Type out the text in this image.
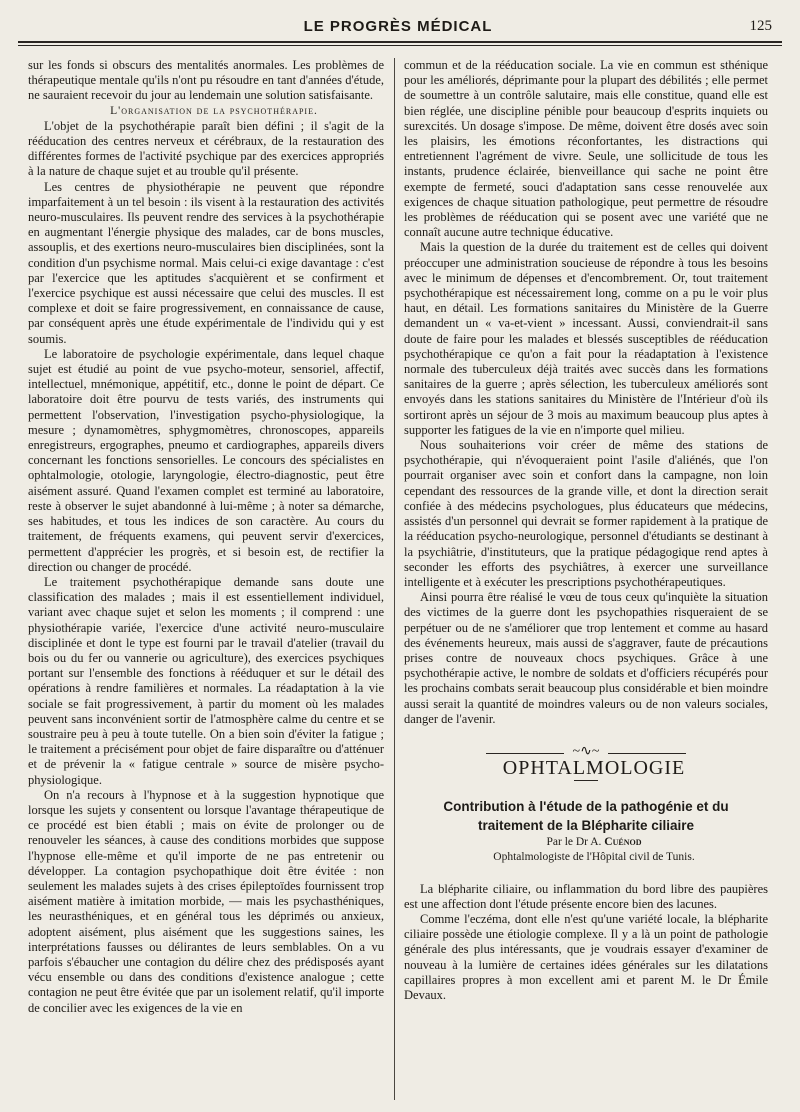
LE PROGRÈS MÉDICAL	125

sur les fonds si obscurs des mentalités anormales. Les problèmes de thérapeutique mentale qu'ils n'ont pu résoudre en tant d'années d'étude, ne sauraient recevoir du jour au lendemain une solution satisfaisante.

L'organisation de la psychothérapie.

L'objet de la psychothérapie paraît bien défini ; il s'agit de la rééducation des centres nerveux et cérébraux, de la restauration des différentes formes de l'activité psychique par des exercices appropriés à la nature de chaque sujet et au trouble qu'il présente.

Les centres de physiothérapie ne peuvent que répondre imparfaitement à un tel besoin : ils visent à la restauration des activités neuro-musculaires. Ils peuvent rendre des services à la psychothérapie en augmentant l'énergie physique des malades, car de bons muscles, assouplis, et des exertions neuro-musculaires bien disciplinées, sont la condition d'un psychisme normal. Mais celui-ci exige davantage : c'est par l'exercice que les aptitudes s'acquièrent et se confirment et l'exercice psychique est aussi nécessaire que celui des muscles. Il est complexe et doit se faire progressivement, en connaissance de cause, par conséquent après une étude expérimentale de l'individu qui y est soumis.

Le laboratoire de psychologie expérimentale, dans lequel chaque sujet est étudié au point de vue psycho-moteur, sensoriel, affectif, intellectuel, mnémonique, appétitif, etc., donne le point de départ. Ce laboratoire doit être pourvu de tests variés, des instruments qui permettent l'observation, l'investigation psycho-physiologique, la mesure ; dynamomètres, sphygmomètres, chronoscopes, appareils enregistreurs, ergographes, pneumo et cardiographes, appareils divers concernant les fonctions sensorielles. Le concours des spécialistes en ophtalmologie, otologie, laryngologie, électro-diagnostic, peut être aisément assuré. Quand l'examen complet est terminé au laboratoire, reste à observer le sujet abandonné à lui-même ; à noter sa démarche, ses habitudes, et tous les indices de son caractère. Au cours du traitement, de fréquents examens, qui peuvent servir d'exercices, permettent d'apprécier les progrès, et si besoin est, de rectifier la direction ou changer de procédé.

Le traitement psychothérapique demande sans doute une classification des malades ; mais il est essentiellement individuel, variant avec chaque sujet et selon les moments ; il comprend : une physiothérapie variée, l'exercice d'une activité neuro-musculaire disciplinée et dont le type est fourni par le travail d'atelier (travail du bois ou du fer ou vannerie ou agriculture), des exercices psychiques portant sur l'ensemble des fonctions à rééduquer et sur le détail des opérations à rendre familières et normales. La réadaptation à la vie sociale se fait progressivement, à partir du moment où les malades peuvent sans inconvénient sortir de l'atmosphère calme du centre et se soustraire peu à peu à toute tutelle. On a bien soin d'éviter la fatigue ; le traitement a précisément pour objet de faire disparaître ou d'atténuer et de prévenir la « fatigue centrale » source de misère psycho-physiologique.

On n'a recours à l'hypnose et à la suggestion hypnotique que lorsque les sujets y consentent ou lorsque l'avantage thérapeutique de ce procédé est bien établi ; mais on évite de prolonger ou de renouveler les séances, à cause des conditions morbides que suppose l'hypnose elle-même et qu'il importe de ne pas entretenir ou développer. La contagion psychopathique doit être évitée : non seulement les malades sujets à des crises épileptoïdes fournissent trop aisément matière à imitation morbide, — mais les psychasthéniques, les neurasthéniques, et en général tous les déprimés ou anxieux, adoptent aisément, plus aisément que les suggestions saines, les interprétations fausses ou délirantes de leurs semblables. On a vu parfois s'ébaucher une contagion du délire chez des prédisposés ayant vécu ensemble ou dans des conditions d'existence analogue ; cette contagion ne peut être évitée que par un isolement relatif, qu'il importe de concilier avec les exigences de la vie en

commun et de la rééducation sociale. La vie en commun est sthénique pour les améliorés, déprimante pour la plupart des débilités ; elle permet de soumettre à un contrôle salutaire, mais elle constitue, quand elle est bien réglée, une discipline pénible pour beaucoup d'esprits inquiets ou surexcités. Un dosage s'impose. De même, doivent être dosés avec soin les plaisirs, les émotions réconfortantes, les distractions qui entretiennent l'agrément de vivre. Seule, une sollicitude de tous les instants, prudence éclairée, bienveillance qui sache ne point être exempte de fermeté, souci d'adaptation sans cesse renouvelée aux exigences de chaque situation pathologique, peut permettre de résoudre les problèmes de rééducation qui se posent avec une variété que ne connaît aucune autre technique éducative.

Mais la question de la durée du traitement est de celles qui doivent préoccuper une administration soucieuse de répondre à tous les besoins avec le minimum de dépenses et d'encombrement. Or, tout traitement psychothérapique est nécessairement long, comme on a pu le voir plus haut, en détail. Les formations sanitaires du Ministère de la Guerre demandent un « va-et-vient » incessant. Aussi, conviendrait-il sans doute de faire pour les malades et blessés susceptibles de rééducation psychothérapique ce qu'on a fait pour la réadaptation à l'existence normale des tuberculeux déjà traités avec succès dans les formations sanitaires de la guerre ; après sélection, les tuberculeux améliorés sont envoyés dans les stations sanitaires du Ministère de l'Intérieur d'où ils sortiront après un séjour de 3 mois au maximum beaucoup plus aptes à supporter les fatigues de la vie en n'importe quel milieu.

Nous souhaiterions voir créer de même des stations de psychothérapie, qui n'évoqueraient point l'asile d'aliénés, que l'on pourrait organiser avec soin et confort dans la campagne, non loin cependant des ressources de la grande ville, et dont la direction serait confiée à des médecins psychologues, plus éducateurs que médecins, assistés d'un personnel qui devrait se former rapidement à la pratique de la rééducation psycho-neurologique, personnel d'étudiants se destinant à la psychiâtrie, d'instituteurs, que la pratique pédagogique rend aptes à seconder les efforts des psychiâtres, à exercer une surveillance intelligente et à exécuter les prescriptions psychothérapeutiques.

Ainsi pourra être réalisé le vœu de tous ceux qu'inquiète la situation des victimes de la guerre dont les psychopathies risqueraient de se perpétuer ou de ne s'améliorer que trop lentement et comme au hasard des événements heureux, mais aussi de s'aggraver, faute de précautions prises contre de nouveaux chocs psychiques. Grâce à une psychothérapie active, le nombre de soldats et d'officiers récupérés pour les prochains combats serait beaucoup plus considérable et bien moindre aussi serait la quantité de moindres valeurs ou de non valeurs sociales, danger de l'avenir.

~∿~

OPHTALMOLOGIE

Contribution à l'étude de la pathogénie et du
traitement de la Blépharite ciliaire

Par le Dr A. Cuénod

Ophtalmologiste de l'Hôpital civil de Tunis.

La blépharite ciliaire, ou inflammation du bord libre des paupières est une affection dont l'étude présente encore bien des lacunes.

Comme l'eczéma, dont elle n'est qu'une variété locale, la blépharite ciliaire possède une étiologie complexe. Il y a là un point de pathologie générale des plus intéressants, que je voudrais essayer d'examiner de nouveau à la lumière de certaines idées générales sur les dilatations capillaires propres à mon excellent ami et parent M. le Dr Émile Devaux.
